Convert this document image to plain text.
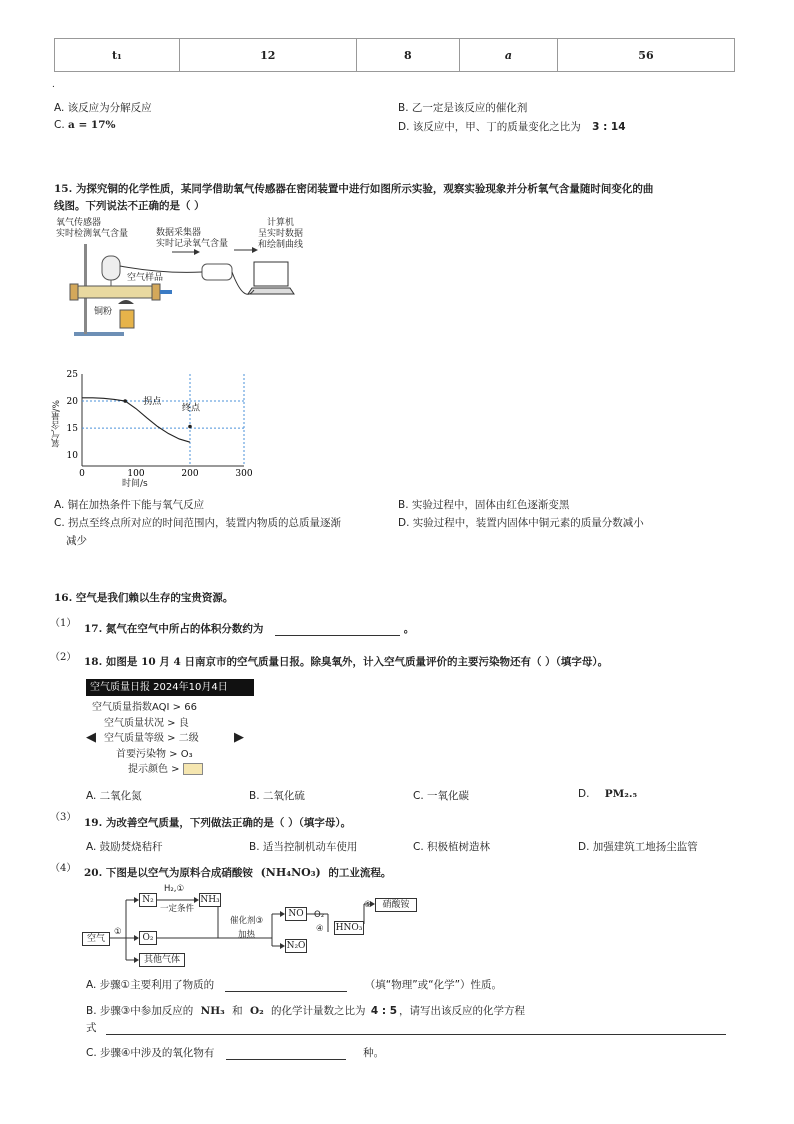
t₁	12	8	a	56
.
A. 该反应为分解反应	B. 乙一定是该反应的催化剂
C. a = 17%	D. 该反应中，甲、丁的质量变化之比为 3 : 14
15. 为探究铜的化学性质，某同学借助氧气传感器在密闭装置中进行如图所示实验，观察实验现象并分析氧气含量随时间变化的曲
线图。下列说法不正确的是（ ）
氧气传感器
实时检测氧气含量	数据采集器
实时记录氧气含量
计算机
呈实时数据
和绘制曲线
空气样品
铜粉
0	100	200	300
10
15
20
25
拐点
终点
氧气含量/%
时间/s
A. 铜在加热条件下能与氧气反应	B. 实验过程中，固体由红色逐渐变黑
C. 拐点至终点所对应的时间范围内，装置内物质的总质量逐渐
减少
D. 实验过程中，装置内固体中铜元素的质量分数减小
16. 空气是我们赖以生存的宝贵资源。
（1） 17. 氮气在空气中所占的体积分数约为	。
（2） 18. 如图是 10 月 4 日南京市的空气质量日报。除臭氧外，计入空气质量评价的主要污染物还有（ ）（填字母）。
空气质量日报 2024年10月4日
空气质量指数AQI > 66
空气质量状况 > 良
空气质量等级 > 二级
首要污染物 > O₃
提示颜色 >
◀	▶
A. 二氧化氮	B. 二氧化硫	C. 一氧化碳	D. PM₂.₅
（3） 19. 为改善空气质量，下列做法正确的是（ ）（填字母）。
A. 鼓励焚烧秸秆	B. 适当控制机动车使用	C. 积极植树造林	D. 加强建筑工地扬尘监管
（4） 20. 下图是以空气为原料合成硝酸铵 (NH₄NO₃) 的工业流程。
空气
N₂
O₂
其他气体
NH₃
NO
N₂O
HNO₃
硝酸铵
H₂,①
一定条件
催化剂③
加热
O₂
④
⑤
①
A. 步骤①主要利用了物质的	（填“物理”或“化学”）性质。
B. 步骤③中参加反应的 NH₃ 和 O₂ 的化学计量数之比为 4 : 5 ，请写出该反应的化学方程
式
C. 步骤④中涉及的氧化物有	种。
